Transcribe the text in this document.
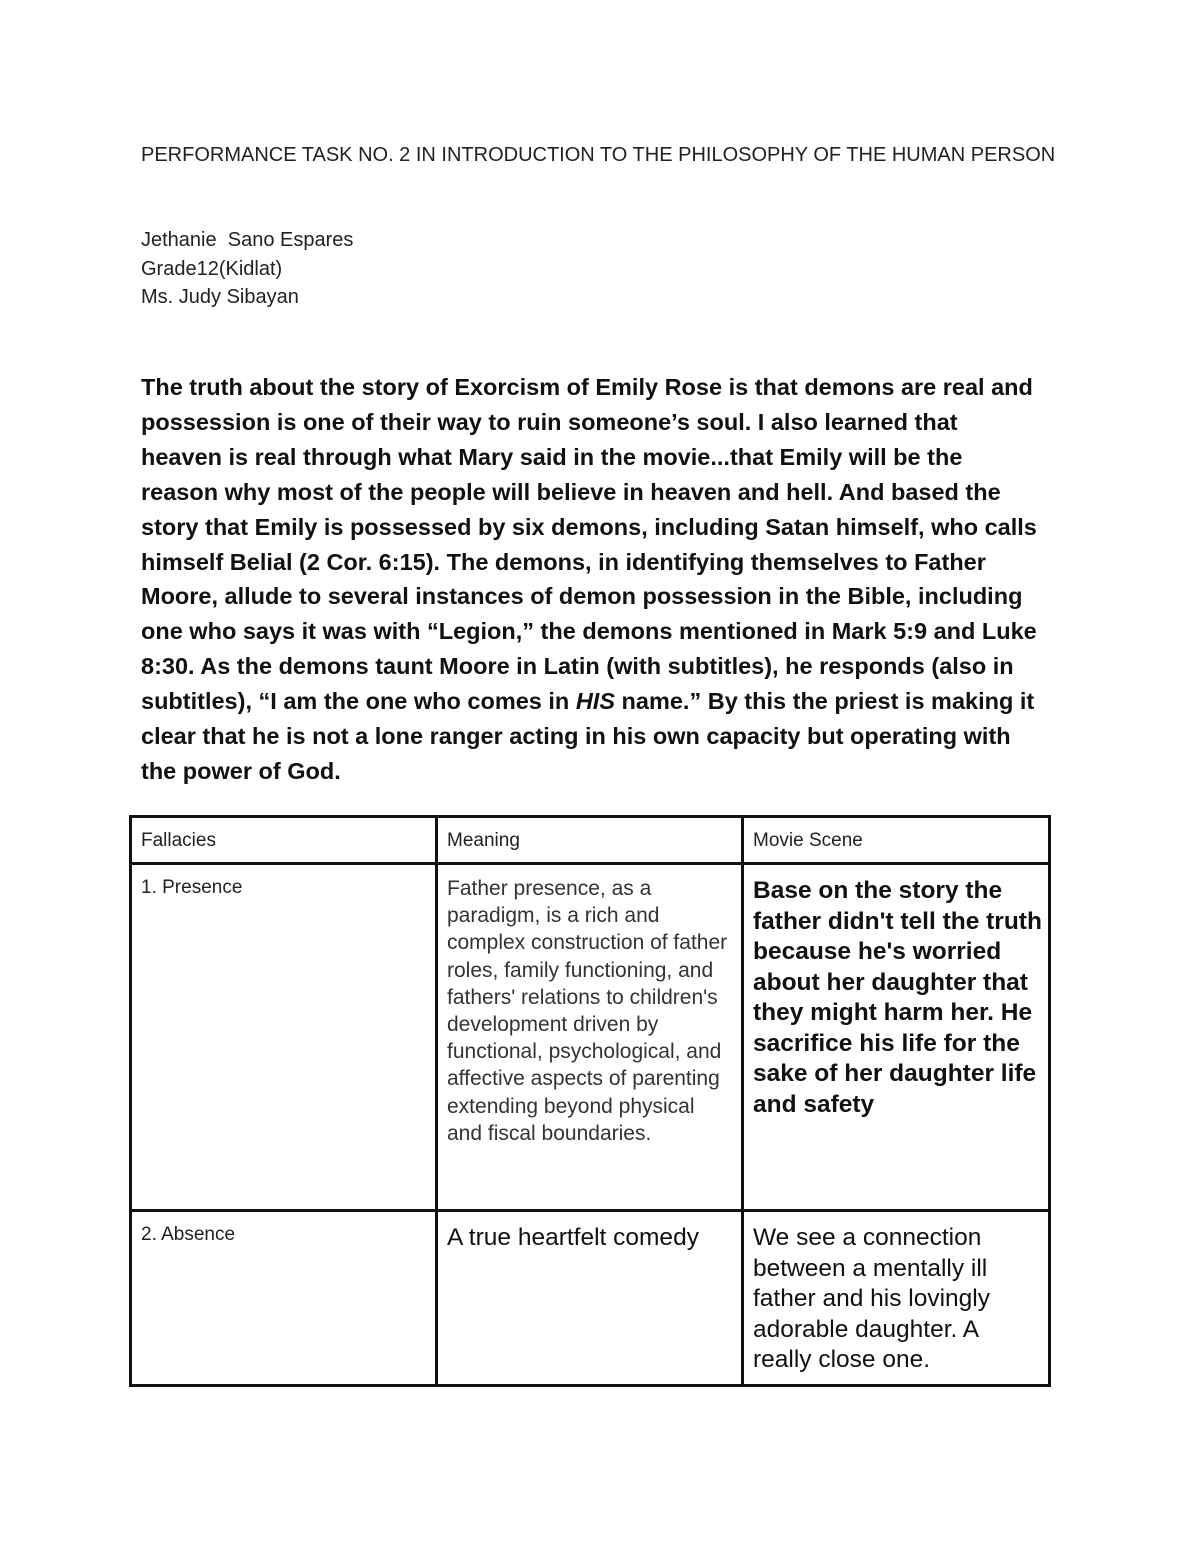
PERFORMANCE TASK NO. 2 IN INTRODUCTION TO THE PHILOSOPHY OF THE HUMAN PERSON
Jethanie  Sano Espares
Grade12(Kidlat)
Ms. Judy Sibayan
The truth about the story of Exorcism of Emily Rose is that demons are real and
possession is one of their way to ruin someone’s soul. I also learned that
heaven is real through what Mary said in the movie...that Emily will be the
reason why most of the people will believe in heaven and hell. And based the
story that Emily is possessed by six demons, including Satan himself, who calls
himself Belial (2 Cor. 6:15). The demons, in identifying themselves to Father
Moore, allude to several instances of demon possession in the Bible, including
one who says it was with “Legion,” the demons mentioned in Mark 5:9 and Luke
8:30. As the demons taunt Moore in Latin (with subtitles), he responds (also in
subtitles), “I am the one who comes in HIS name.” By this the priest is making it
clear that he is not a lone ranger acting in his own capacity but operating with
the power of God.
Fallacies	Meaning	Movie Scene

1. Presence	Father presence, as a paradigm, is a rich and complex construction of father roles, family functioning, and fathers' relations to children's development driven by functional, psychological, and affective aspects of parenting extending beyond physical and fiscal boundaries.	Base on the story the father didn't tell the truth because he's worried about her daughter that they might harm her. He sacrifice his life for the sake of her daughter life and safety

2. Absence	A true heartfelt comedy	We see a connection between a mentally ill father and his lovingly adorable daughter. A really close one.
